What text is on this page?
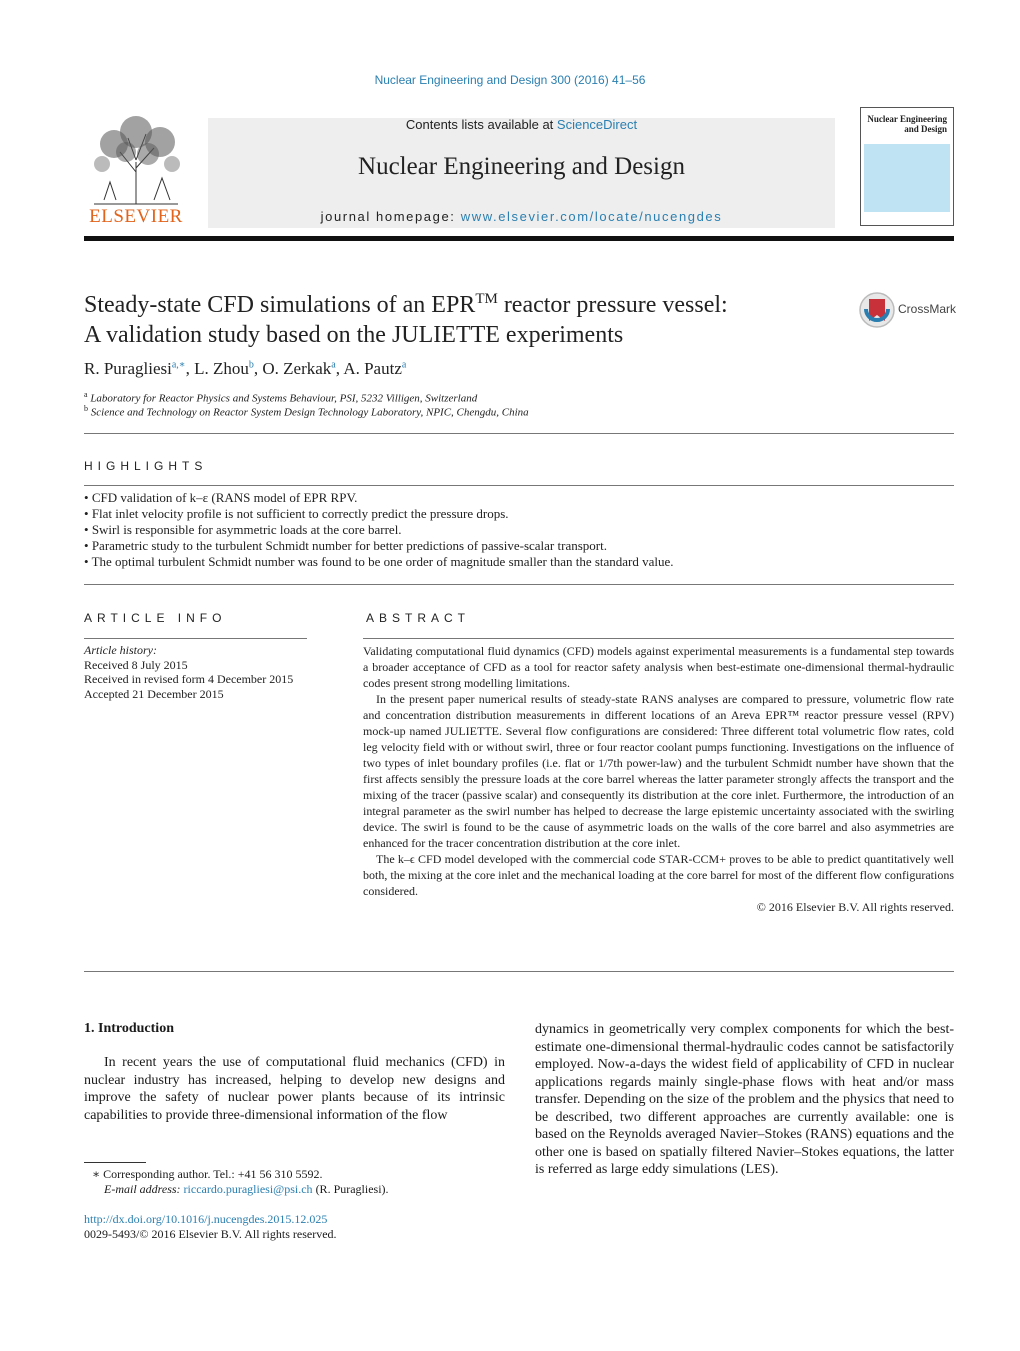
Nuclear Engineering and Design 300 (2016) 41–56
ELSEVIER
Contents lists available at ScienceDirect
Nuclear Engineering and Design
journal homepage: www.elsevier.com/locate/nucengdes
Nuclear Engineering and Design
Steady-state CFD simulations of an EPR™ reactor pressure vessel:
A validation study based on the JULIETTE experiments
CrossMark
R. Puragliesi$^{a,∗}$, L. Zhou$^b$, O. Zerkak$^a$, A. Pautz$^a$
$^a$ Laboratory for Reactor Physics and Systems Behaviour, PSI, 5232 Villigen, Switzerland
$^b$ Science and Technology on Reactor System Design Technology Laboratory, NPIC, Chengdu, China
HIGHLIGHTS
• CFD validation of k–ε (RANS model of EPR RPV.
• Flat inlet velocity profile is not sufficient to correctly predict the pressure drops.
• Swirl is responsible for asymmetric loads at the core barrel.
• Parametric study to the turbulent Schmidt number for better predictions of passive-scalar transport.
• The optimal turbulent Schmidt number was found to be one order of magnitude smaller than the standard value.
ARTICLE INFO
Article history:
Received 8 July 2015
Received in revised form 4 December 2015
Accepted 21 December 2015
ABSTRACT

Validating computational fluid dynamics (CFD) models against experimental measurements is a fundamental step towards a broader acceptance of CFD as a tool for reactor safety analysis when best-estimate one-dimensional thermal-hydraulic codes present strong modelling limitations.

In the present paper numerical results of steady-state RANS analyses are compared to pressure, volumetric flow rate and concentration distribution measurements in different locations of an Areva EPR™ reactor pressure vessel (RPV) mock-up named JULIETTE. Several flow configurations are considered: Three different total volumetric flow rates, cold leg velocity field with or without swirl, three or four reactor coolant pumps functioning. Investigations on the influence of two types of inlet boundary profiles (i.e. flat or 1/7th power-law) and the turbulent Schmidt number have shown that the first affects sensibly the pressure loads at the core barrel whereas the latter parameter strongly affects the transport and the mixing of the tracer (passive scalar) and consequently its distribution at the core inlet. Furthermore, the introduction of an integral parameter as the swirl number has helped to decrease the large epistemic uncertainty associated with the swirling device. The swirl is found to be the cause of asymmetric loads on the walls of the core barrel and also asymmetries are enhanced for the tracer concentration distribution at the core inlet.

The k–ϵ CFD model developed with the commercial code STAR-CCM+ proves to be able to predict quantitatively well both, the mixing at the core inlet and the mechanical loading at the core barrel for most of the different flow configurations considered.

© 2016 Elsevier B.V. All rights reserved.
1. Introduction
In recent years the use of computational fluid mechanics (CFD) in nuclear industry has increased, helping to develop new designs and improve the safety of nuclear power plants because of its intrinsic capabilities to provide three-dimensional information of the flow
dynamics in geometrically very complex components for which the best-estimate one-dimensional thermal-hydraulic codes cannot be satisfactorily employed. Now-a-days the widest field of applicability of CFD in nuclear applications regards mainly single-phase flows with heat and/or mass transfer. Depending on the size of the problem and the physics that need to be described, two different approaches are currently available: one is based on the Reynolds averaged Navier–Stokes (RANS) equations and the other one is based on spatially filtered Navier–Stokes equations, the latter is referred as large eddy simulations (LES).
∗ Corresponding author. Tel.: +41 56 310 5592.
E-mail address: riccardo.puragliesi@psi.ch (R. Puragliesi).
http://dx.doi.org/10.1016/j.nucengdes.2015.12.025
0029-5493/© 2016 Elsevier B.V. All rights reserved.
